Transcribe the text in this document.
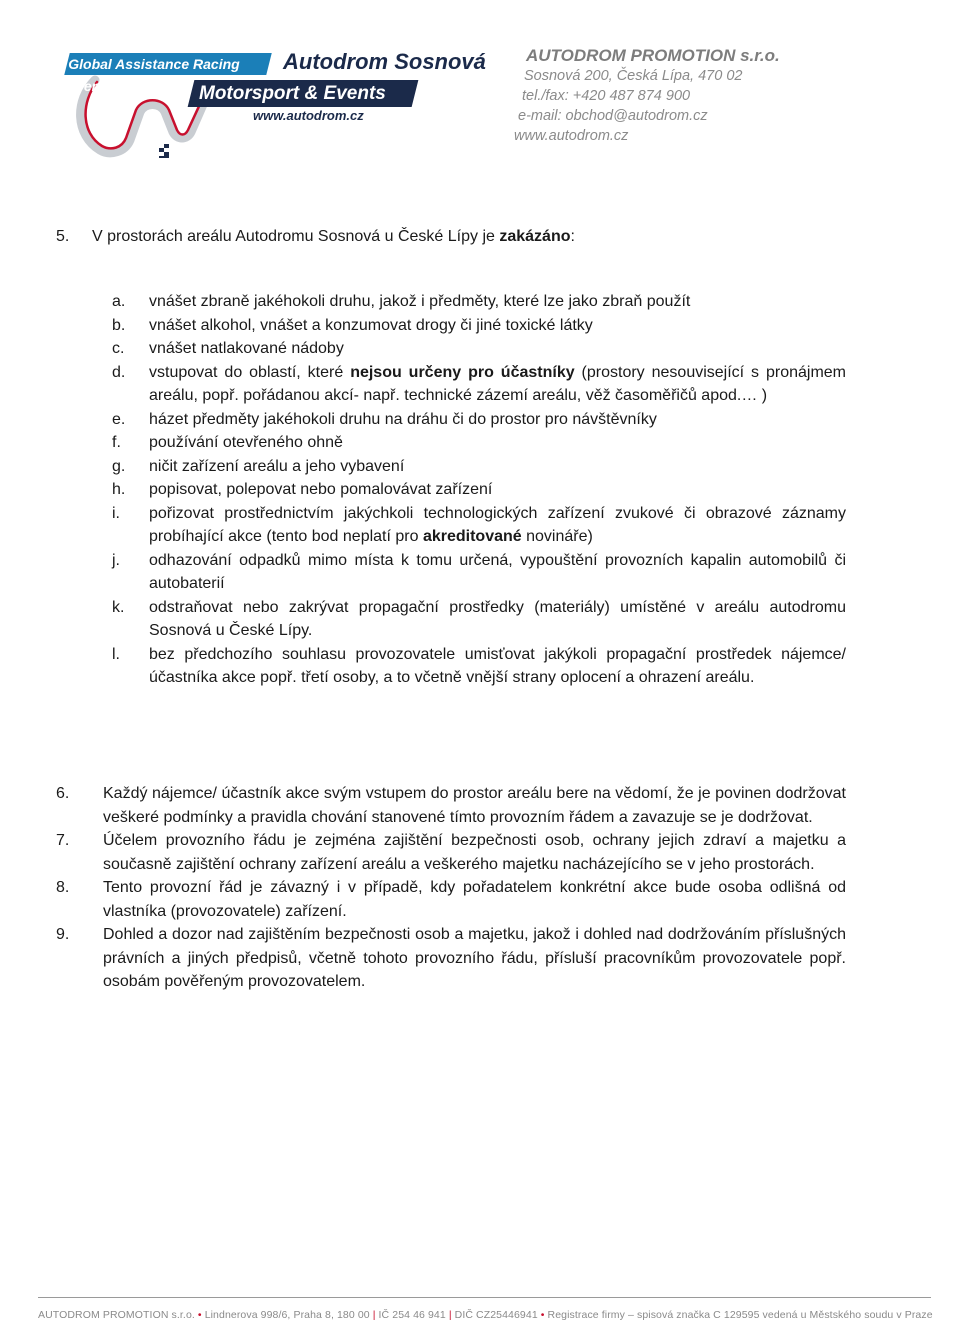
Global Assistance Racing Arena
Autodrom Sosnová
Motorsport & Events
www.autodrom.cz
AUTODROM PROMOTION s.r.o.
Sosnová 200, Česká Lípa, 470 02
tel./fax: +420 487 874 900
e-mail: obchod@autodrom.cz
www.autodrom.cz
5. V prostorách areálu Autodromu Sosnová u České Lípy je zakázáno:
a.	vnášet zbraně jakéhokoli druhu, jakož i předměty, které lze jako zbraň použít
b.	vnášet alkohol, vnášet a konzumovat drogy či jiné toxické látky
c.	vnášet natlakované nádoby
d.	vstupovat do oblastí, které nejsou určeny pro účastníky (prostory nesouvisející s pronájmem areálu, popř. pořádanou akcí- např. technické zázemí areálu, věž časoměřičů apod.… )
e.	házet předměty jakéhokoli druhu na dráhu či do prostor pro návštěvníky
f.	používání otevřeného ohně
g.	ničit zařízení areálu a jeho vybavení
h.	popisovat, polepovat nebo pomalovávat zařízení
i.	pořizovat prostřednictvím jakýchkoli technologických zařízení zvukové či obrazové záznamy probíhající akce (tento bod neplatí pro akreditované novináře)
j.	odhazování odpadků mimo místa k tomu určená, vypouštění provozních kapalin automobilů či autobaterií
k.	odstraňovat nebo zakrývat propagační prostředky (materiály) umístěné v areálu autodromu Sosnová u České Lípy.
l.	bez předchozího souhlasu provozovatele umisťovat jakýkoli propagační prostředek nájemce/ účastníka akce popř. třetí osoby, a to včetně vnější strany oplocení a ohrazení areálu.
6.	Každý nájemce/ účastník akce svým vstupem do prostor areálu bere na vědomí, že je povinen dodržovat veškeré podmínky a pravidla chování stanovené tímto provozním řádem a zavazuje se je dodržovat.
7.	Účelem provozního řádu je zejména zajištění bezpečnosti osob, ochrany jejich zdraví a majetku a současně zajištění ochrany zařízení areálu a veškerého majetku nacházejícího se v jeho prostorách.
8.	Tento provozní řád je závazný i v případě, kdy pořadatelem konkrétní akce bude osoba odlišná od vlastníka (provozovatele) zařízení.
9.	Dohled a dozor nad zajištěním bezpečnosti osob a majetku, jakož i dohled nad dodržováním příslušných právních a jiných předpisů, včetně tohoto provozního řádu, přísluší pracovníkům provozovatele popř. osobám pověřeným provozovatelem.
AUTODROM PROMOTION s.r.o. • Lindnerova 998/6, Praha 8, 180 00 | IČ 254 46 941 | DIČ CZ25446941 • Registrace firmy – spisová značka C 129595 vedená u Městského soudu v Praze
